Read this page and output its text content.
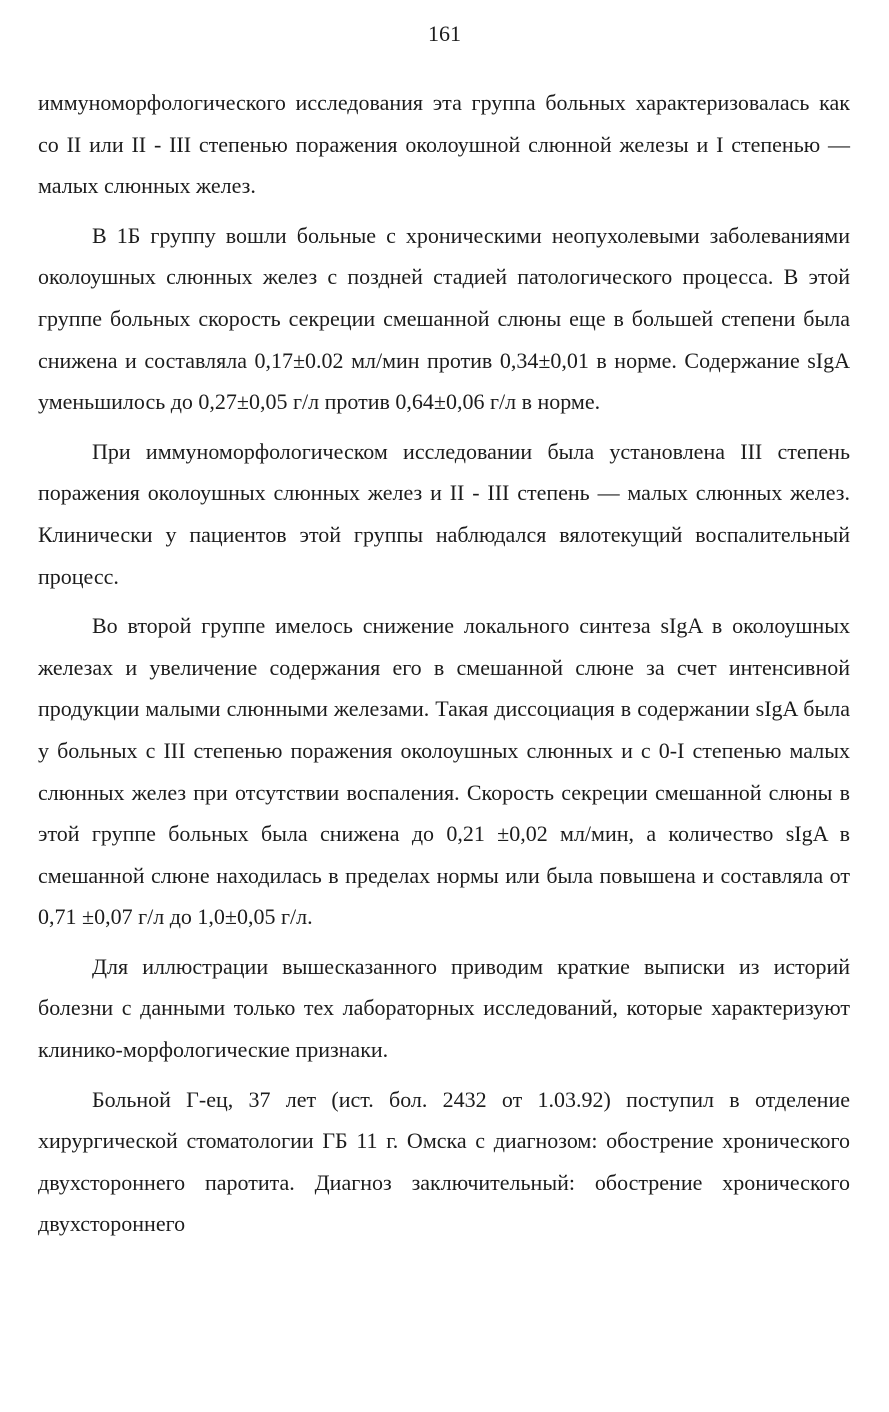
161

иммуноморфологического исследования эта группа больных характеризовалась как со II или II - III степенью поражения околоушной слюнной железы и I степенью — малых слюнных желез.

В 1Б группу вошли больные с хроническими неопухолевыми заболеваниями околоушных слюнных желез с поздней стадией патологического процесса. В этой группе больных скорость секреции смешанной слюны еще в большей степени была снижена и составляла 0,17±0.02 мл/мин против 0,34±0,01 в норме. Содержание sIgA уменьшилось до 0,27±0,05 г/л против 0,64±0,06 г/л в норме.

При иммуноморфологическом исследовании была установлена III степень поражения околоушных слюнных желез и II - III степень — малых слюнных желез. Клинически у пациентов этой группы наблюдался вялотекущий воспалительный процесс.

Во второй группе имелось снижение локального синтеза sIgA в околоушных железах и увеличение содержания его в смешанной слюне за счет интенсивной продукции малыми слюнными железами. Такая диссоциация в содержании sIgA была у больных с III степенью поражения околоушных слюнных и с 0-I степенью малых слюнных желез при отсутствии воспаления. Скорость секреции смешанной слюны в этой группе больных была снижена до 0,21 ±0,02 мл/мин, а количество sIgA в смешанной слюне находилась в пределах нормы или была повышена и составляла от 0,71 ±0,07 г/л до 1,0±0,05 г/л.

Для иллюстрации вышесказанного приводим краткие выписки из историй болезни с данными только тех лабораторных исследований, которые характеризуют клинико-морфологические признаки.

Больной Г-ец, 37 лет (ист. бол. 2432 от 1.03.92) поступил в отделение хирургической стоматологии ГБ 11 г. Омска с диагнозом: обострение хронического двухстороннего паротита. Диагноз заключительный: обострение хронического двухстороннего
